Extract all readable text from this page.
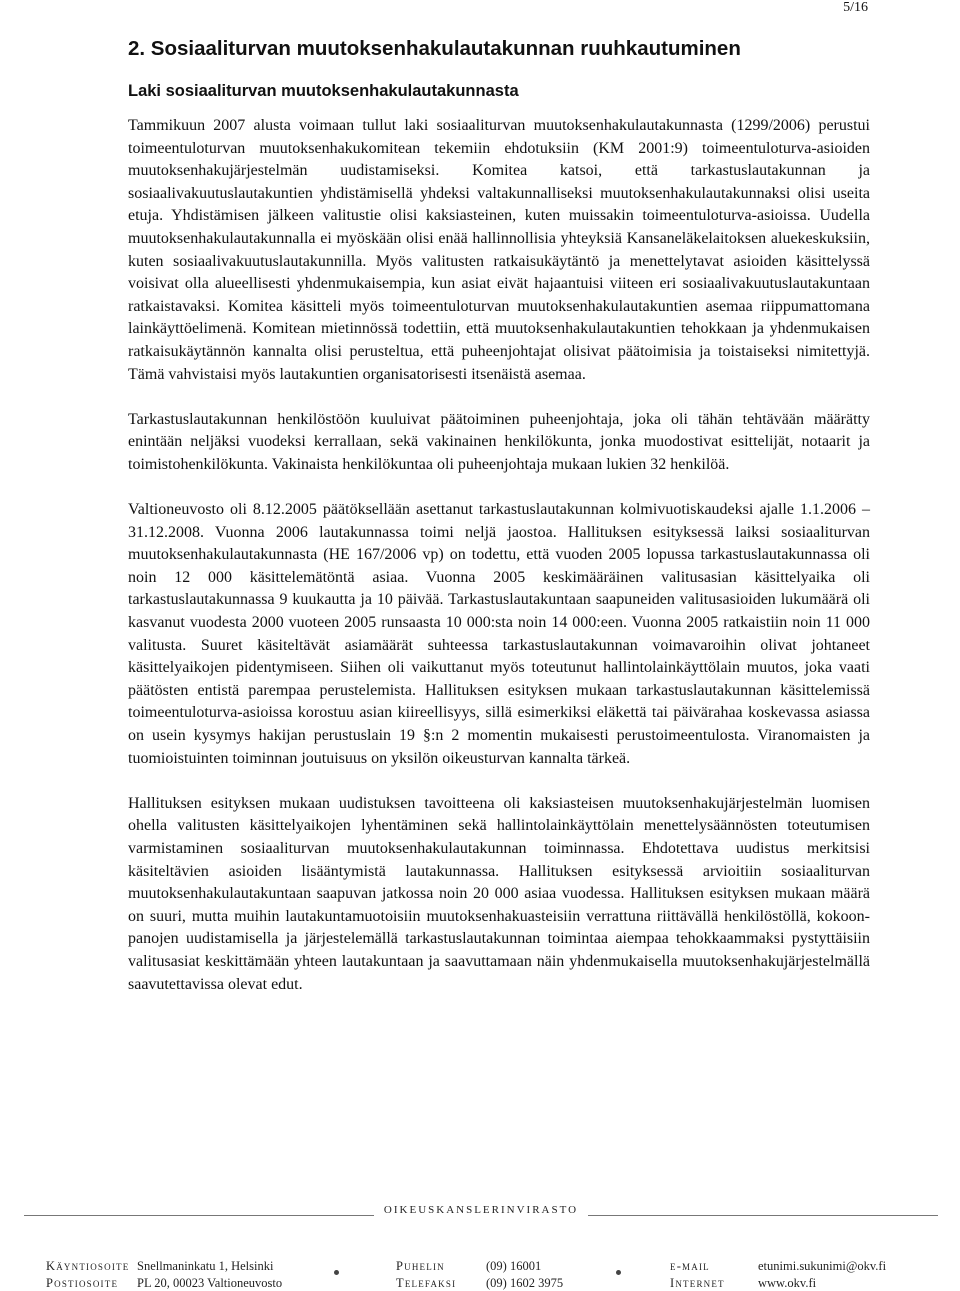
5/16
2. Sosiaaliturvan muutoksenhakulautakunnan ruuhkautuminen
Laki sosiaaliturvan muutoksenhakulautakunnasta

Tammikuun 2007 alusta voimaan tullut laki sosiaaliturvan muutoksenhakulautakunnasta (1299/2006) perustui toimeentuloturvan muutoksenhakukomitean tekemiin ehdotuksiin (KM 2001:9) toimeentuloturva-asioiden muutoksenhakujärjestelmän uudistamiseksi. Komitea katsoi, että tarkastuslautakunnan ja sosiaalivakuutuslautakuntien yhdistämisellä yhdeksi valtakunnalliseksi muutoksenhakulautakunnaksi olisi useita etuja. Yhdistämisen jälkeen valitustie olisi kaksiasteinen, kuten muissakin toimeentuloturva-asioissa. Uudella muutoksenhakulautakunnalla ei myöskään olisi enää hallinnollisia yhteyksiä Kansaneläkelaitoksen aluekeskuksiin, kuten sosiaalivakuutuslautakunnilla. Myös valitusten ratkaisukäytäntö ja menettelytavat asioiden käsittelyssä voisivat olla alueellisesti yhdenmukaisempia, kun asiat eivät hajaantuisi viiteen eri sosiaalivakuutuslautakuntaan ratkaistavaksi. Komitea käsitteli myös toimeentuloturvan muutoksenhakulautakuntien asemaa riippumattomana lainkäyttöelimenä. Komitean mietinnössä todettiin, että muutoksenhakulautakuntien tehokkaan ja yhdenmukaisen ratkaisukäytännön kannalta olisi perusteltua, että puheenjohtajat olisivat päätoimisia ja toistaiseksi nimitettyjä. Tämä vahvistaisi myös lautakuntien organisatorisesti itsenäistä asemaa.

Tarkastuslautakunnan henkilöstöön kuuluivat päätoiminen puheenjohtaja, joka oli tähän tehtävään määrätty enintään neljäksi vuodeksi kerrallaan, sekä vakinainen henkilökunta, jonka muodostivat esittelijät, notaarit ja toimistohenkilökunta. Vakinaista henkilökuntaa oli puheenjohtaja mukaan lukien 32 henkilöä.

Valtioneuvosto oli 8.12.2005 päätöksellään asettanut tarkastuslautakunnan kolmivuotiskaudeksi ajalle 1.1.2006 – 31.12.2008. Vuonna 2006 lautakunnassa toimi neljä jaostoa. Hallituksen esityksessä laiksi sosiaaliturvan muutoksenhakulautakunnasta (HE 167/2006 vp) on todettu, että vuoden 2005 lopussa tarkastuslautakunnassa oli noin 12 000 käsittelemätöntä asiaa. Vuonna 2005 keskimääräinen valitusasian käsittelyaika oli tarkastuslautakunnassa 9 kuukautta ja 10 päivää. Tarkastuslautakuntaan saapuneiden valitusasioiden lukumäärä oli kasvanut vuodesta 2000 vuoteen 2005 runsaasta 10 000:sta noin 14 000:een. Vuonna 2005 ratkaistiin noin 11 000 valitusta. Suuret käsiteltävät asiamäärät suhteessa tarkastuslautakunnan voimavaroihin olivat johtaneet käsittelyaikojen pidentymiseen. Siihen oli vaikuttanut myös toteutunut hallintolainkäyttölain muutos, joka vaati päätösten entistä parempaa perustelemista. Hallituksen esityksen mukaan tarkastuslautakunnan käsittelemissä toimeentuloturva-asioissa korostuu asian kiireellisyys, sillä esimerkiksi eläkettä tai päivärahaa koskevassa asiassa on usein kysymys hakijan perustuslain 19 §:n 2 momentin mukaisesti perustoimeentulosta. Viranomaisten ja tuomioistuinten toiminnan joutuisuus on yksilön oikeusturvan kannalta tärkeä.

Hallituksen esityksen mukaan uudistuksen tavoitteena oli kaksiasteisen muutoksenhakujärjestelmän luomisen ohella valitusten käsittelyaikojen lyhentäminen sekä hallintolainkäyttölain menettelysäännösten toteutumisen varmistaminen sosiaaliturvan muutoksenhakulautakunnan toiminnassa. Ehdotettava uudistus merkitsisi käsiteltävien asioiden lisääntymistä lautakunnassa. Hallituksen esityksessä arvioitiin sosiaaliturvan muutoksenhakulautakuntaan saapuvan jatkossa noin 20 000 asiaa vuodessa. Hallituksen esityksen mukaan määrä on suuri, mutta muihin lautakuntamuotoisiin muutoksenhakuasteisiin verrattuna riittävällä henkilöstöllä, kokoonpanojen uudistamisella ja järjestelemällä tarkastuslautakunnan toimintaa aiempaa tehokkaammaksi pystyttäisiin valitusasiat keskittämään yhteen lautakuntaan ja saavuttamaan näin yhdenmukaisella muutoksenhakujärjestelmällä saavutettavissa olevat edut.

OIKEUSKANSLERINVIRASTO
Käyntiosoite Snellmaninkatu 1, Helsinki
Postiosoite PL 20, 00023 Valtioneuvosto
Puhelin	(09) 16001
Telefaksi (09) 1602 3975
e-mail	etunimi.sukunimi@okv.fi
Internet	www.okv.fi
